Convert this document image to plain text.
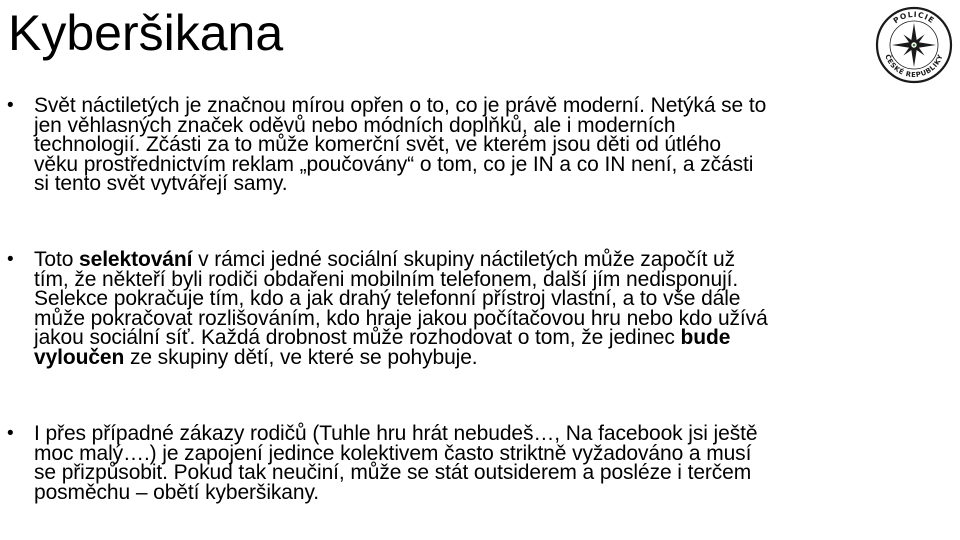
Kyberšikana	POLICIE
ČESKÉ REPUBLIKY
• Svět náctiletých je značnou mírou opřen o to, co je právě moderní. Netýká se to
jen věhlasných značek oděvů nebo módních doplňků, ale i moderních
technologií. Zčásti za to může komerční svět, ve kterém jsou děti od útlého
věku prostřednictvím reklam „poučovány“ o tom, co je IN a co IN není, a zčásti
si tento svět vytvářejí samy.
• Toto selektování v rámci jedné sociální skupiny náctiletých může započít už
tím, že někteří byli rodiči obdařeni mobilním telefonem, další jím nedisponují.
Selekce pokračuje tím, kdo a jak drahý telefonní přístroj vlastní, a to vše dále
může pokračovat rozlišováním, kdo hraje jakou počítačovou hru nebo kdo užívá
jakou sociální síť. Každá drobnost může rozhodovat o tom, že jedinec bude
vyloučen ze skupiny dětí, ve které se pohybuje.
• I přes případné zákazy rodičů (Tuhle hru hrát nebudeš…, Na facebook jsi ještě
moc malý….) je zapojení jedince kolektivem často striktně vyžadováno a musí
se přizpůsobit. Pokud tak neučiní, může se stát outsiderem a posléze i terčem
posměchu – obětí kyberšikany.
